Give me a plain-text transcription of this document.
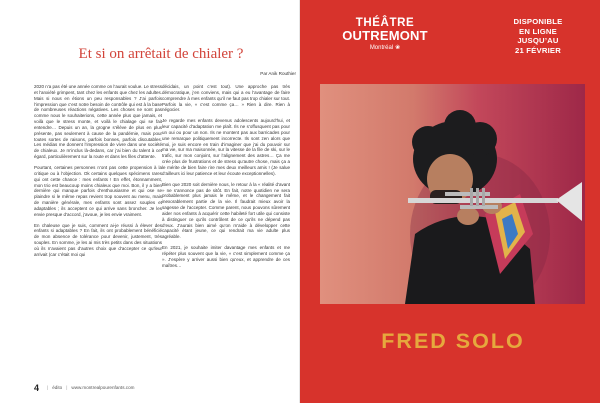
Et si on arrêtait de chialer ?
Par Anik Routhier

2020 n’a pas été une année comme on l’aurait voulue. Le stress et l’anxiété grimpent, tant chez les enfants que chez les adultes. Mais si nous en étions un peu responsables ? J’ai parfois l’impression que c’est notre besoin de contrôle qui est à la base de nombreuses réactions négatives. Les choses ne sont pas comme nous le souhaiterions, cette année plus que jamais, et voilà que le stress monte, et voilà le chialage qui se fait entendre… Depuis un an, la grogne s’élève de plus en plus présente, pas seulement à cause de la pandémie, mais pour toutes sortes de raisons, parfois bonnes, parfois discutables. Les médias me donnent l’impression de vivre dans une société de chialeux. Je m’inclus là-dedans, car j’ai bien du talent à cet égard, particulièrement sur la route et dans les files d’attente.

Pourtant, certaines personnes n’ont pas cette propension à la critique ou à l’objection. Ok certains quelques spécimens rares qui ont cette chance : mes enfants ! En effet, étonnamment, mon trio est beaucoup moins chialeux que moi. Bon, il y a bien dernière qui manque parfois d’enthousiasme et qui ose se plaindre si le même repas revient trop souvent au menu, mais de manière générale, mes enfants sont assez souples et adaptables ; ils acceptent ce qui arrive sans broncher. Je les envie presque d’accord, j’avoue, je les envie vraiment.

En chaleuse que je suis, comment ai-je réussi à élever des enfants si adaptables ? En fait, ils ont probablement bénéficié de mon absence de tolérance pour devenir, justement, très souples. En somme, je les ai mis très petits dans des situations où ils n’avaient pas d’autres choix que d’accepter ce qu’leur arrivait (car c’était moi qui

décidais, un point c’est tout). Une approche pas très démocratique, j’en conviens, mais qui a eu l’avantage de faire comprendre à mes enfants qu’il ne faut pas trop chialer sur tout. Parfois la vie, « c’est comme ça… » Rien à dire. Rien à négocier.

Je regarde mes enfants devenus adolescents aujourd’hui, et leur capacité d’adaptation me plaît. Ils ne s’offusquent pas pour un oui ou pour un non. Ils ne montent pas aux barricades pour une remarque politiquement incorrecte. Ils sont zen alors que moi, je suis encore en train d’imaginer que j’ai du pouvoir sur ma vie, sur ma maisonnée, sur la vitesse de la file de ski, sur le trafic, sur mon conjoint, sur l’alignement des astres… Ça me crée plus de frustrations et de stress qu’autre chose, mais ça a le mérite de bien faire rire mes deux meilleurs amis ! (Je salue d’ailleurs ici leur patience et leur écoute exceptionnelles).

Bien que 2020 soit dernière nous, le retour à la « réalité d’avant » ne s’annonce pas de sitôt. En fait, notre quotidien ne sera probablement plus jamais le même, et le changement fait inexorablement partie de la vie. Il faudrait mieux avoir la sagesse de l’accepter. Comme parent, nous pouvons sûrement aider nos enfants à acquérir cette habileté fort utile qui consiste à distinguer ce qu’ils contrôlent de ce qu’ils ne dépend pas d’eux. J’aurais bien aimé qu’on m’aide à développer cette capacité étant jeune, ce qui rendrait ma vie adulte plus agréable.

En 2021, je souhaite imiter davantage mes enfants et me répéter plus souvent que la vie, « c’est simplement comme ça ». J’espère y arriver aussi bien qu’eux, et apprendre de ces maîtres…

4 | édito | www.montrealpourenfants.com
THÉÂTRE
OUTREMONT
Montréal ❀
DISPONIBLE
EN LIGNE
JUSQU’AU
21 FÉVRIER
FRED SOLO
